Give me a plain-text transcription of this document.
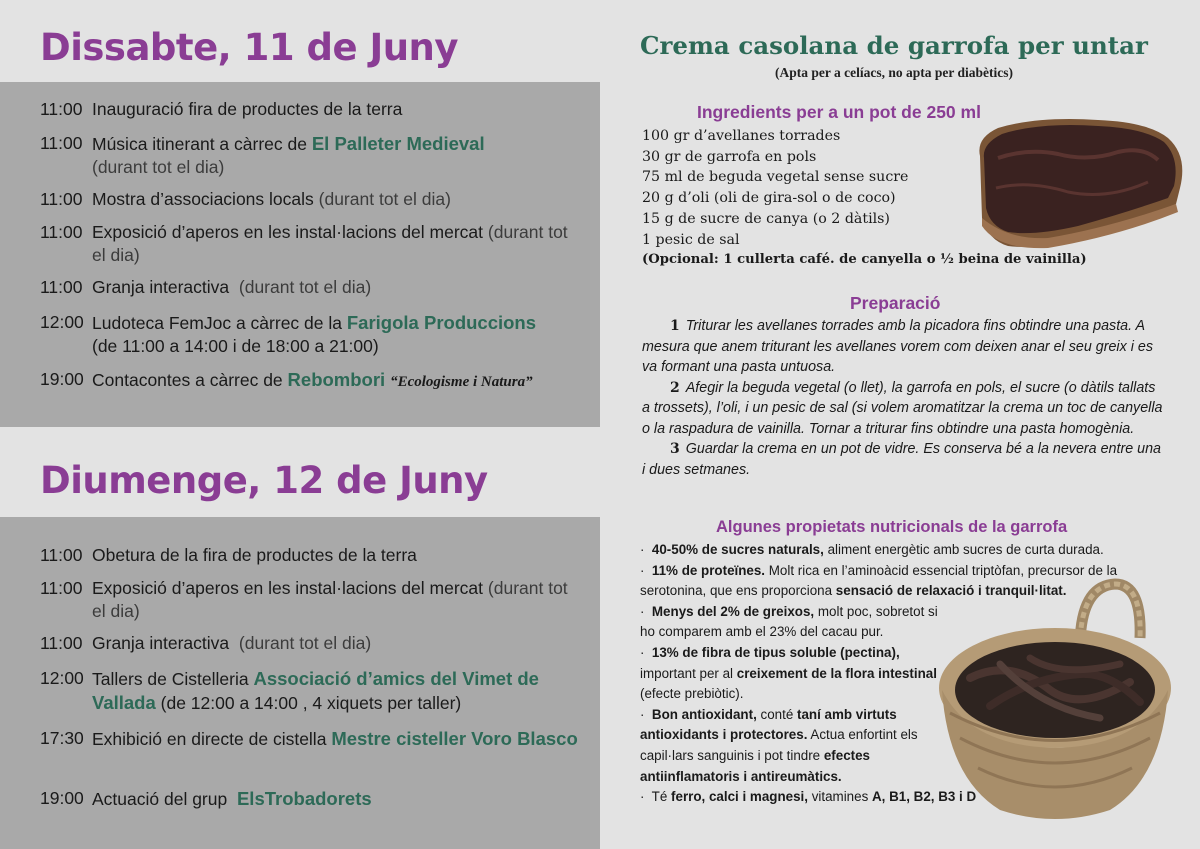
Dissabte, 11 de Juny
11:00 Inauguració fira de productes de la terra
11:00 Música itinerant a càrrec de El Palleter Medieval
(durant tot el dia)
11:00 Mostra d’associacions locals (durant tot el dia)
11:00 Exposició d’aperos en les instal·lacions del mercat (durant tot el dia)
11:00 Granja interactiva (durant tot el dia)
12:00 Ludoteca FemJoc a càrrec de la Farigola Produccions
(de 11:00 a 14:00 i de 18:00 a 21:00)
19:00 Contacontes a càrrec de Rebombori “Ecologisme i Natura”
Diumenge, 12 de Juny
11:00 Obetura de la fira de productes de la terra
11:00 Exposició d’aperos en les instal·lacions del mercat (durant tot el dia)
11:00 Granja interactiva (durant tot el dia)
12:00 Tallers de Cistelleria Associació d’amics del Vimet de Vallada (de 12:00 a 14:00 , 4 xiquets per taller)
17:30 Exhibició en directe de cistella Mestre cisteller Voro Blasco
19:00 Actuació del grup ElsTrobadorets
Crema casolana de garrofa per untar
(Apta per a celíacs, no apta per diabètics)
Ingredients per a un pot de 250 ml
100 gr d’avellanes torrades
30 gr de garrofa en pols
75 ml de beguda vegetal sense sucre
20 g d’oli (oli de gira-sol o de coco)
15 g de sucre de canya (o 2 dàtils)
1 pesic de sal
(Opcional: 1 cullerta café. de canyella o ½ beina de vainilla)
Preparació

1 Triturar les avellanes torrades amb la picadora fins obtindre una pasta. A mesura que anem triturant les avellanes vorem com deixen anar el seu greix i es va formant una pasta untuosa.

2 Afegir la beguda vegetal (o llet), la garrofa en pols, el sucre (o dàtils tallats a trossets), l’oli, i un pesic de sal (si volem aromatitzar la crema un toc de canyella o la raspadura de vainilla. Tornar a triturar fins obtindre una pasta homogènia.

3 Guardar la crema en un pot de vidre. Es conserva bé a la nevera entre una i dues setmanes.

Algunes propietats nutricionals de la garrofa

·  40-50% de sucres naturals, aliment energètic amb sucres de curta durada.

·  11% de proteïnes. Molt rica en l’aminoàcid essencial triptòfan, precursor de la serotonina, que ens proporciona sensació de relaxació i tranquil·litat.

·  Menys del 2% de greixos, molt poc, sobretot si ho comparem amb el 23% del cacau pur.

·  13% de fibra de tipus soluble (pectina), important per al creixement de la flora intestinal (efecte prebiòtic).

·  Bon antioxidant, conté taní amb virtuts antioxidants i protectores. Actua enfortint els capil·lars sanguinis i pot tindre efectes antiinflamatoris i antireumàtics.

·  Té ferro, calci i magnesi, vitamines A, B1, B2, B3 i D
